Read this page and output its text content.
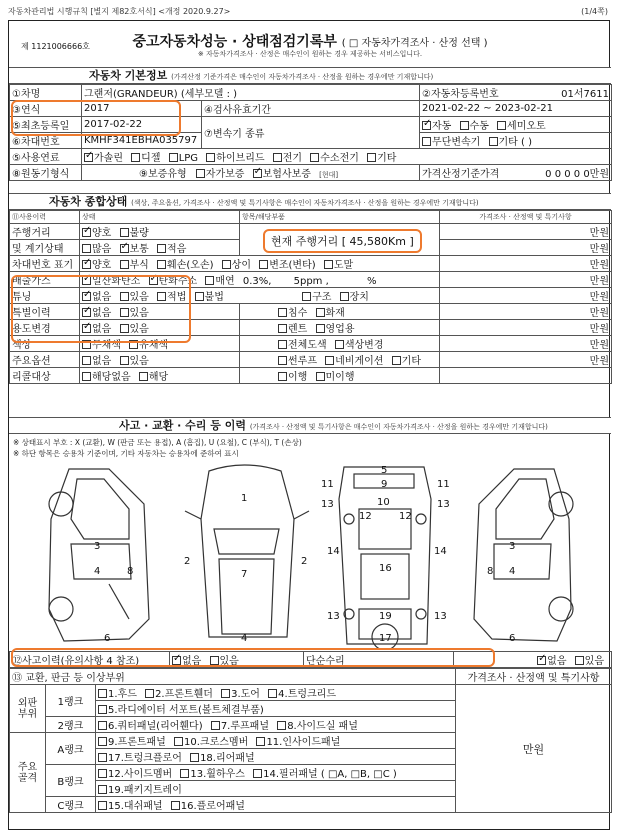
자동차관리법 시행규칙 [별지 제82호서식] <개정 2020.9.27>	(1/4쪽)
제 1121006666호	중고자동차성능 · 상태점검기록부 ( □ 자동차가격조사 · 산정 선택 )
※ 자동차가격조사 · 산정은 매수인이 원하는 경우 제공하는 서비스입니다.
자동차 기본정보 (가격산정 기준가격은 매수인이 자동차가격조사 · 산정을 원하는 경우에만 기재합니다)
①차명	그랜저(GRANDEUR) (세부모델 : )		②자동차등록번호 01서7611

③연식	2017	④검사유효기간	2021-02-22 ~ 2023-02-21
⑤최초등록일	2017-02-22	⑦변속기 종류	✓자동 수동 세미오토
⑥차대번호	KMHF341EBHA035797		무단변속기 기타 ( )
⑤사용연료	✓가솔린 디젤 LPG 하이브리드 전기 수소전기 기타
⑧원동기형식	⑨보증유형 자가보증 ✓ 보험사보증 [현대]		가격산정기준가격 0 0 0 0 0만원
자동차 종합상태 (색상, 주요옵션, 가격조사 · 산정액 및 특기사항은 매수인이 자동차가격조사 · 산정을 원하는 경우에만 기재합니다)
⑪사용이력	상태	항목/해당부품	가격조사 · 산정액 및 특기사항
주행거리	✓양호 불량		만원
및 계기상태	많음 ✓ 보통 적음		만원
차대번호 표기	✓양호 부식 훼손(오손) 상이 변조(변타) 도말		만원
배출가스	✓일산화탄소 ✓ 탄화수소 매연 0.3%, 5ppm , %		만원
튜닝	✓없음 있음 적법 불법 구조 장치		만원
특별이력	✓없음 있음	침수 화재	만원
용도변경	✓없음 있음	렌트 영업용	만원
색상	무채색 유채색	전체도색 색상변경	만원
주요옵션	없음 있음	썬루프 네비게이션 기타	만원
리콜대상	해당없음 해당	이행 미이행	
현재 주행거리 [ 45,580Km ]
사고 · 교환 · 수리 등 이력 (가격조사 · 산정액 및 특기사항은 매수인이 자동차가격조사 · 산정을 원하는 경우에만 기재합니다)
※ 상태표시 부호 : X (교환), W (판금 또는 용접), A (흠집), U (요철), C (부식), T (손상)
※ 하단 항목은 승용차 기준이며, 기타 자동차는 승용차에 준하여 표시
3
4	8
6
1
7
4
2	2
5
9
10
11	11
13	13
12	12
14	14
16
19
17
13	13
3
4
8
6
⑫사고이력(유의사항 4 참조)	✓없음 있음	단순수리	✓없음 있음
⑬ 교환, 판금 등 이상부위			가격조사 · 산정액 및 특기사항
외판 부위	1랭크	1.후드 2.프론트휀더 3.도어 4.트렁크리드	만원
		5.라디에이터 서포트(볼트체결부품)	
	2랭크	6.쿼터패널(리어휀다) 7.루프패널 8.사이드실 패널	
주요 골격	A랭크	9.프론트패널 10.크로스멤버 11.인사이드패널	
		17.트렁크플로어 18.리어패널	
	B랭크	12.사이드멤버 13.휠하우스 14.필러패널 ( □A, □B, □C )	
		19.패키지트레이	
	C랭크	15.대쉬패널 16.플로어패널	
